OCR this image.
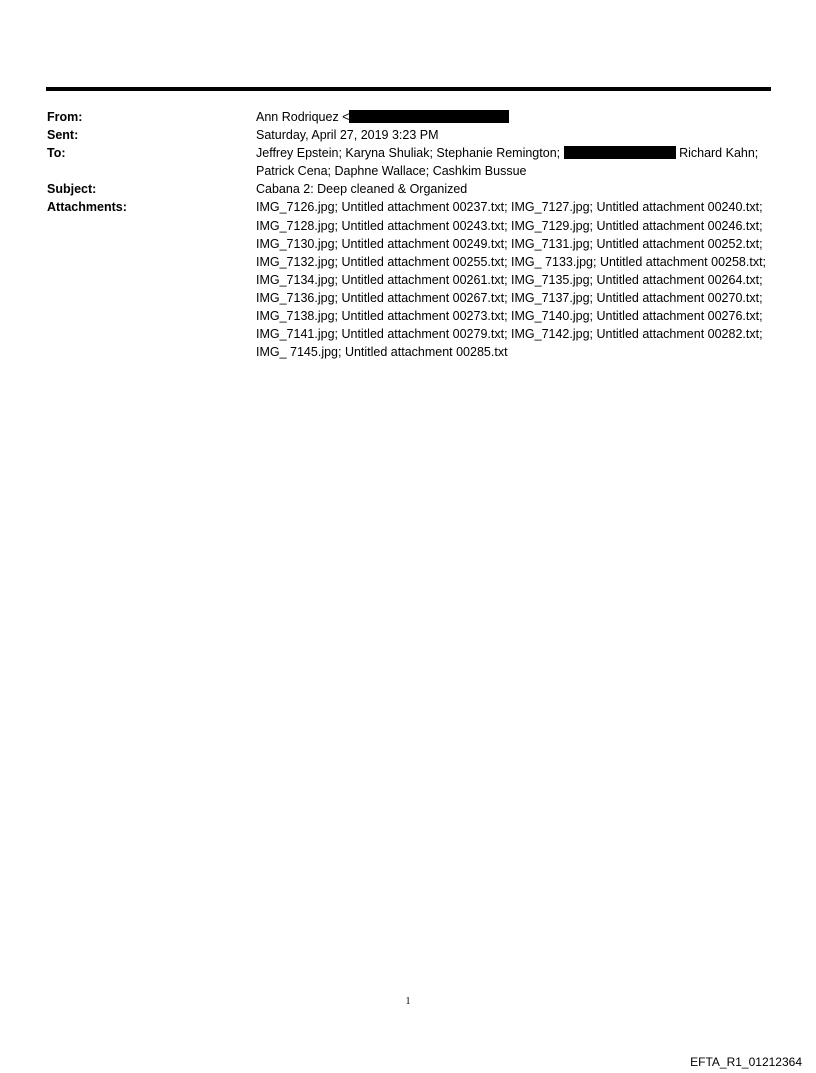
From:	Ann Rodriquez <
Sent:	Saturday, April 27, 2019 3:23 PM
To:	Jeffrey Epstein; Karyna Shuliak; Stephanie Remington;	Richard Kahn; Patrick Cena; Daphne Wallace; Cashkim Bussue
Subject:	Cabana 2: Deep cleaned & Organized
Attachments:	IMG_7126.jpg; Untitled attachment 00237.txt; IMG_7127.jpg; Untitled attachment 00240.txt; IMG_7128.jpg; Untitled attachment 00243.txt; IMG_7129.jpg; Untitled attachment 00246.txt; IMG_7130.jpg; Untitled attachment 00249.txt; IMG_7131.jpg; Untitled attachment 00252.txt; IMG_7132.jpg; Untitled attachment 00255.txt; IMG_ 7133.jpg; Untitled attachment 00258.txt; IMG_7134.jpg; Untitled attachment 00261.txt; IMG_7135.jpg; Untitled attachment 00264.txt; IMG_7136.jpg; Untitled attachment 00267.txt; IMG_7137.jpg; Untitled attachment 00270.txt; IMG_7138.jpg; Untitled attachment 00273.txt; IMG_7140.jpg; Untitled attachment 00276.txt; IMG_7141.jpg; Untitled attachment 00279.txt; IMG_7142.jpg; Untitled attachment 00282.txt; IMG_ 7145.jpg; Untitled attachment 00285.txt
1
EFTA_R1_01212364
